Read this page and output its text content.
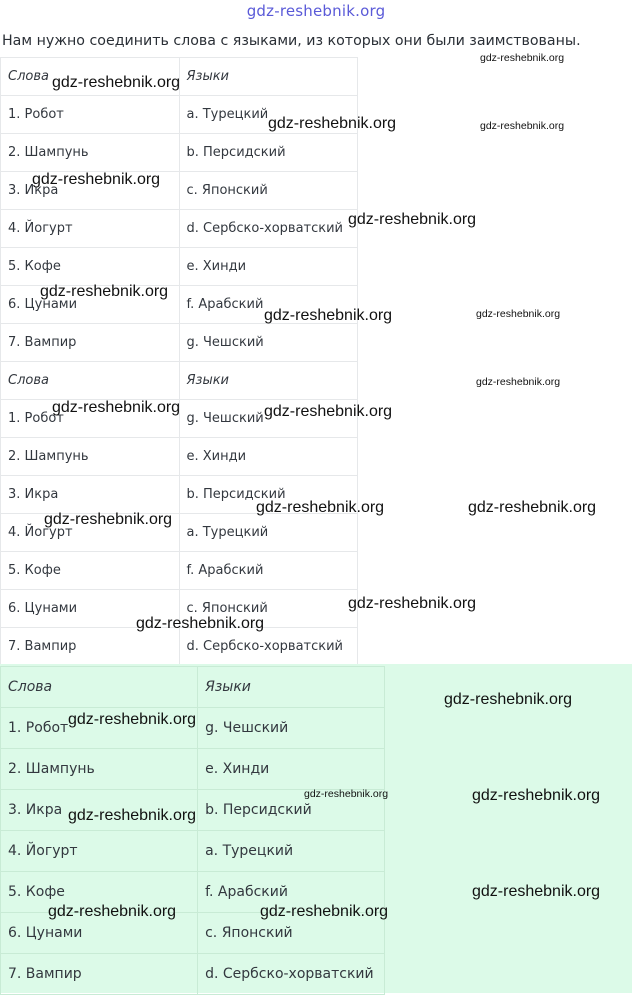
gdz-reshebnik.org
Нам нужно соединить слова с языками, из которых они были заимствованы.
Слова	Языки
1. Робот	a. Турецкий
2. Шампунь	b. Персидский
3. Икра	c. Японский
4. Йогурт	d. Сербско-хорватский
5. Кофе	e. Хинди
6. Цунами	f. Арабский
7. Вампир	g. Чешский
Слова	Языки
1. Робот	g. Чешский
2. Шампунь	e. Хинди
3. Икра	b. Персидский
4. Йогурт	a. Турецкий
5. Кофе	f. Арабский
6. Цунами	c. Японский
7. Вампир	d. Сербско-хорватский
Слова	Языки
1. Робот	g. Чешский
2. Шампунь	e. Хинди
3. Икра	b. Персидский
4. Йогурт	a. Турецкий
5. Кофе	f. Арабский
6. Цунами	c. Японский
7. Вампир	d. Сербско-хорватский
gdz-reshebnik.org
gdz-reshebnik.org
gdz-reshebnik.org	gdz-reshebnik.org
gdz-reshebnik.org
gdz-reshebnik.org
gdz-reshebnik.org
gdz-reshebnik.org	gdz-reshebnik.org
gdz-reshebnik.org
gdz-reshebnik.org	gdz-reshebnik.org
gdz-reshebnik.org	gdz-reshebnik.org
gdz-reshebnik.org
gdz-reshebnik.org
gdz-reshebnik.org
gdz-reshebnik.org
gdz-reshebnik.org
gdz-reshebnik.org	gdz-reshebnik.org
gdz-reshebnik.org
gdz-reshebnik.org
gdz-reshebnik.org	gdz-reshebnik.org
